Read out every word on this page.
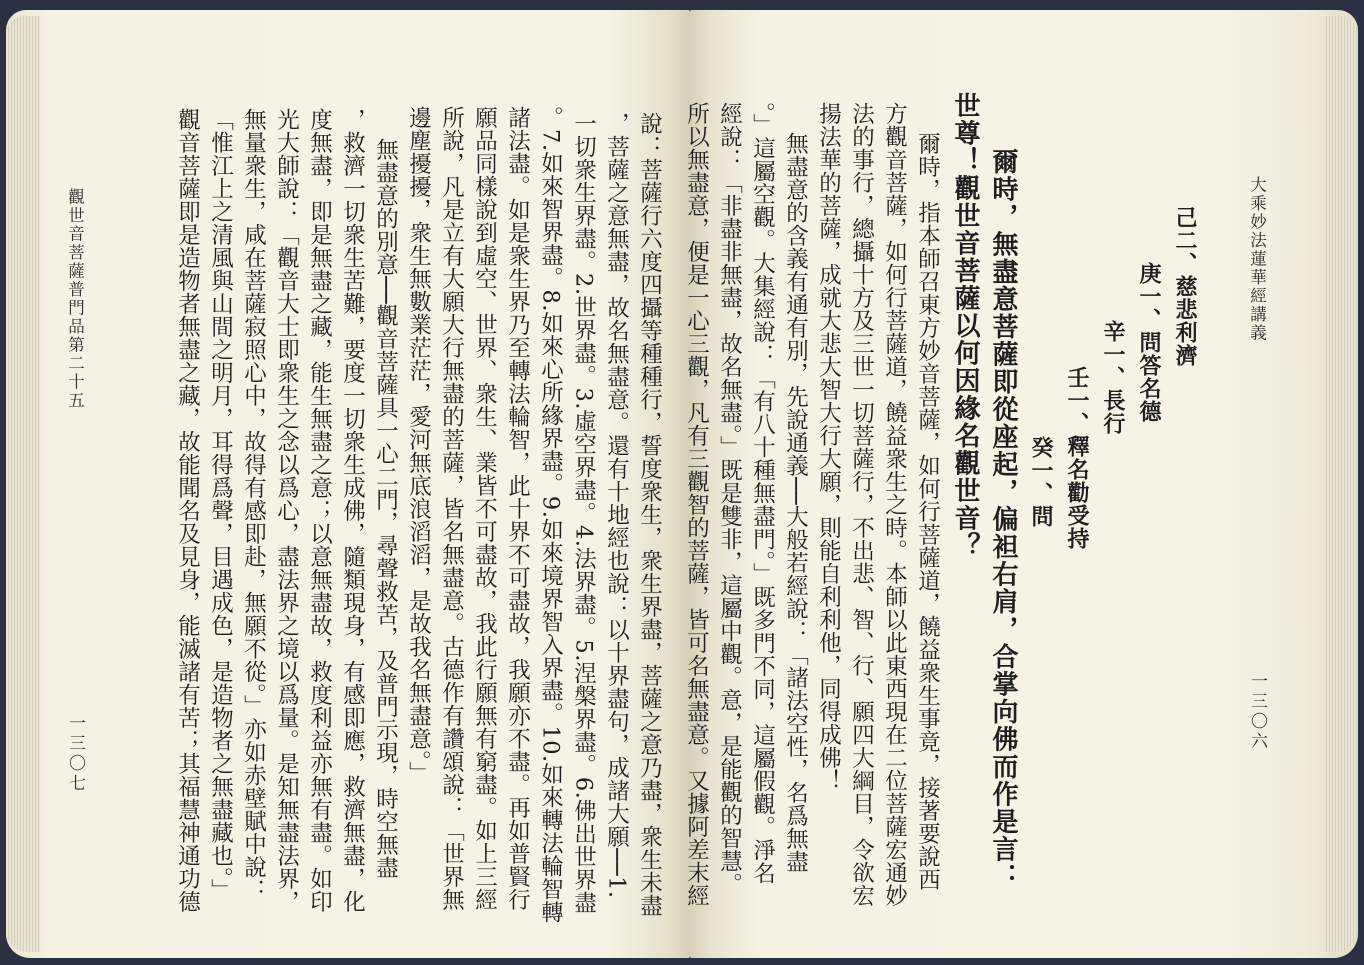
觀世音菩薩普門品第二十五
一三〇七	說：菩薩行六度四攝等種種行，誓度衆生，衆生界盡，菩薩之意乃盡，衆生未盡
，菩薩之意無盡，故名無盡意。還有十地經也說：以十界盡句，成諸大願──1.
一切衆生界盡。2.世界盡。3.虛空界盡。4.法界盡。5.涅槃界盡。6.佛出世界盡
。7.如來智界盡。8.如來心所緣界盡。9.如來境界智入界盡。10.如來轉法輪智轉
諸法盡。如是衆生界乃至轉法輪智，此十界不可盡故，我願亦不盡。再如普賢行
願品同樣說到虛空、世界、衆生、業皆不可盡故，我此行願無有窮盡。如上三經
所說，凡是立有大願大行無盡的菩薩，皆名無盡意。古德作有讚頌說：「世界無
邊塵擾擾，衆生無數業茫茫，愛河無底浪滔滔，是故我名無盡意。」
無盡意的別意──觀音菩薩具一心二門，尋聲救苦，及普門示現，時空無盡
，救濟一切衆生苦難，要度一切衆生成佛，隨類現身，有感即應，救濟無盡，化
度無盡，即是無盡之藏，能生無盡之意；以意無盡故，救度利益亦無有盡。如印
光大師說：「觀音大士即衆生之念以爲心，盡法界之境以爲量。是知無盡法界，
無量衆生，咸在菩薩寂照心中，故得有感即赴，無願不從。」亦如赤壁賦中說：
「惟江上之清風與山間之明月，耳得爲聲，目遇成色，是造物者之無盡藏也。」
觀音菩薩即是造物者無盡之藏，故能聞名及見身，能滅諸有苦；其福慧神通功德	大乘妙法蓮華經講義
一三〇六
己二、慈悲利濟
庚一、問答名德
辛一、長行
壬一、釋名勸受持
癸一、問
爾時，無盡意菩薩即從座起，偏袒右肩，合掌向佛而作是言：
世尊！觀世音菩薩以何因緣名觀世音？
爾時，指本師召東方妙音菩薩，如何行菩薩道，饒益衆生事竟，接著要說西
方觀音菩薩，如何行菩薩道，饒益衆生之時。本師以此東西現在二位菩薩宏通妙
法的事行，總攝十方及三世一切菩薩行，不出悲、智、行、願四大綱目，令欲宏
揚法華的菩薩，成就大悲大智大行大願，則能自利利他，同得成佛！
無盡意的含義有通有別，先說通義──大般若經說：「諸法空性，名爲無盡
。」這屬空觀。大集經說：「有八十種無盡門。」既多門不同，這屬假觀。淨名
經說：「非盡非無盡，故名無盡。」既是雙非，這屬中觀。意，是能觀的智慧。
所以無盡意，便是一心三觀，凡有三觀智的菩薩，皆可名無盡意。又據阿差末經
